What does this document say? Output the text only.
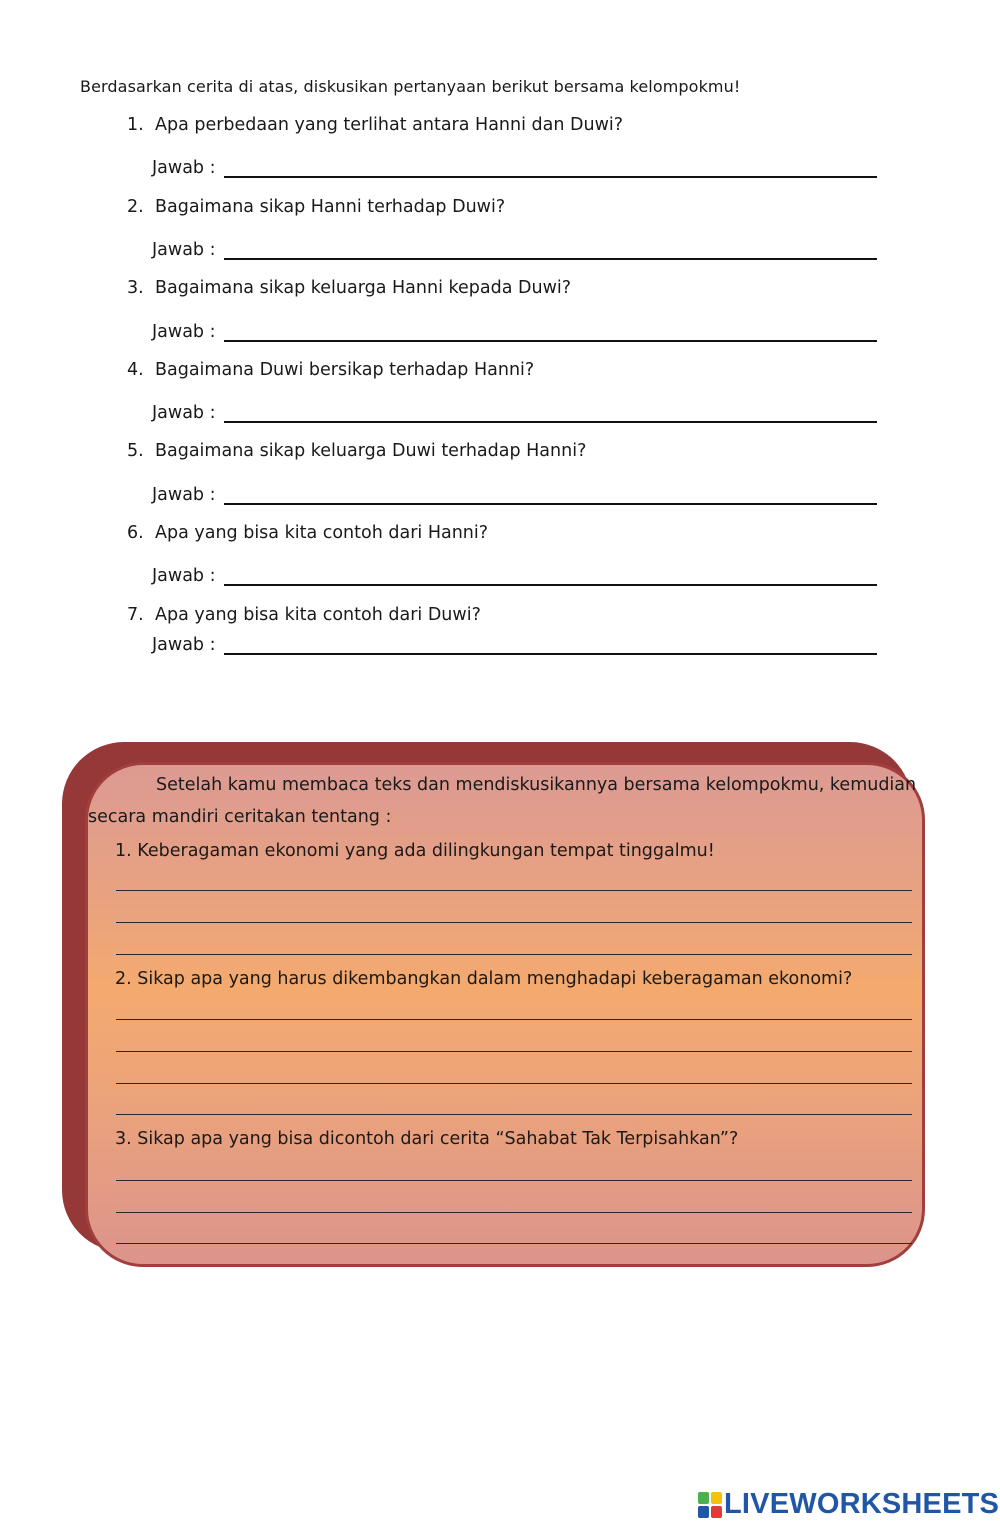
Berdasarkan cerita di atas, diskusikan pertanyaan berikut bersama kelompokmu!
1. Apa perbedaan yang terlihat antara Hanni dan Duwi?
Jawab :
2. Bagaimana sikap Hanni terhadap Duwi?
Jawab :
3. Bagaimana sikap keluarga Hanni kepada Duwi?
Jawab :
4. Bagaimana Duwi bersikap terhadap Hanni?
Jawab :
5. Bagaimana sikap keluarga Duwi terhadap Hanni?
Jawab :
6. Apa yang bisa kita contoh dari Hanni?
Jawab :
7. Apa yang bisa kita contoh dari Duwi?
Jawab :
Setelah kamu membaca teks dan mendiskusikannya bersama kelompokmu, kemudian
secara mandiri ceritakan tentang :
1. Keberagaman ekonomi yang ada dilingkungan tempat tinggalmu!
2. Sikap apa yang harus dikembangkan dalam menghadapi keberagaman ekonomi?
3. Sikap apa yang bisa dicontoh dari cerita “Sahabat Tak Terpisahkan”?
LIVEWORKSHEETS
